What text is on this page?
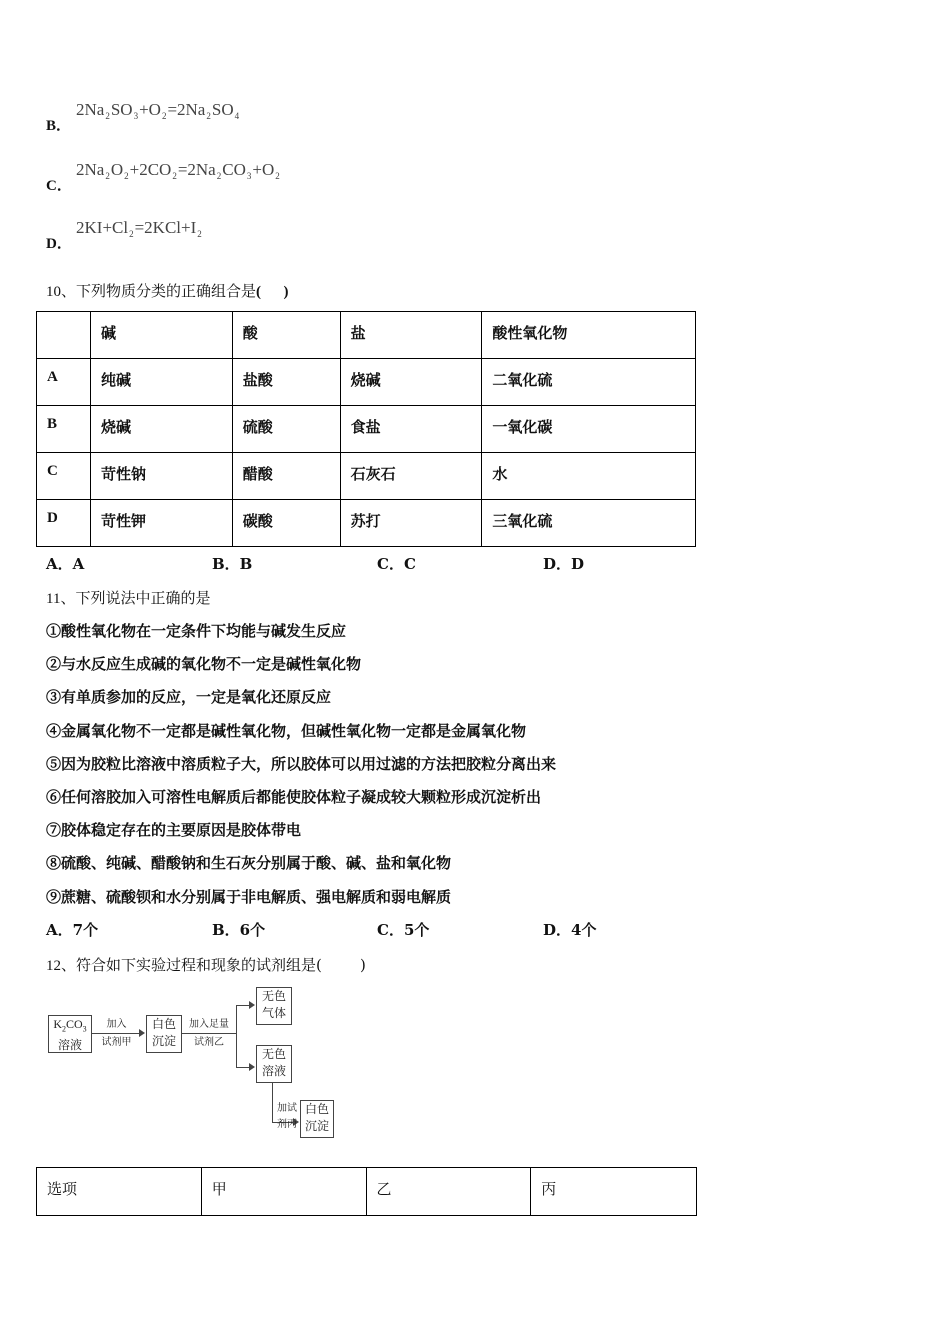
B．
$2Na_2SO_3+O_2=2Na_2SO_4$
C．
$2Na_2O_2+2CO_2=2Na_2CO_3+O_2$
D．
$2KI+Cl_2=2KCl+I_2$
10、下列物质分类的正确组合是(      )
	碱	酸	盐	酸性氧化物
A	纯碱	盐酸	烧碱	二氧化硫
B	烧碱	硫酸	食盐	一氧化碳
C	苛性钠	醋酸	石灰石	水
D	苛性钾	碳酸	苏打	三氧化硫
A．A	B．B	C．C	D．D
11、下列说法中正确的是
①酸性氧化物在一定条件下均能与碱发生反应
②与水反应生成碱的氧化物不一定是碱性氧化物
③有单质参加的反应，一定是氧化还原反应
④金属氧化物不一定都是碱性氧化物，但碱性氧化物一定都是金属氧化物
⑤因为胶粒比溶液中溶质粒子大，所以胶体可以用过滤的方法把胶粒分离出来
⑥任何溶胶加入可溶性电解质后都能使胶体粒子凝成较大颗粒形成沉淀析出
⑦胶体稳定存在的主要原因是胶体带电
⑧硫酸、纯碱、醋酸钠和生石灰分别属于酸、碱、盐和氧化物
⑨蔗糖、硫酸钡和水分别属于非电解质、强电解质和弱电解质
A．7个	B．6个	C．5个	D．4个
12、符合如下实验过程和现象的试剂组是(        )
$K_2CO_3$
溶液
加入
试剂甲
白色
沉淀
加入足量
试剂乙
无色
气体
无色
溶液
加试
剂丙
白色
沉淀
选项	甲	乙	丙
